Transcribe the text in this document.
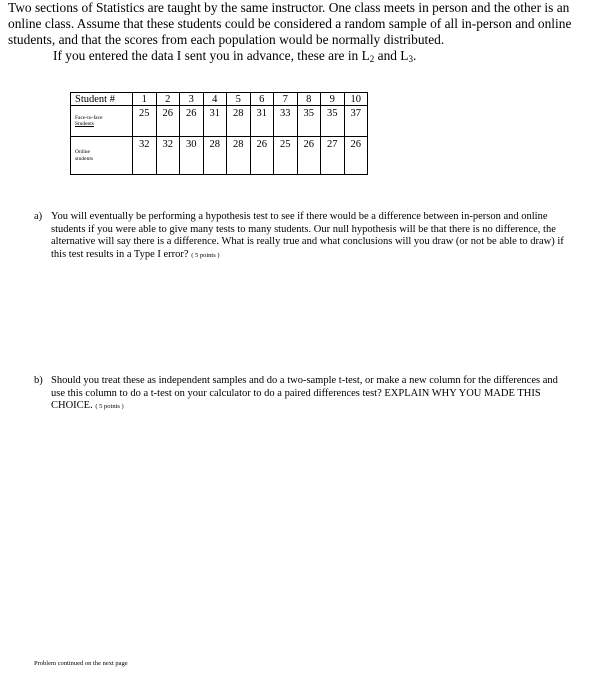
Two sections of Statistics are taught by the same instructor. One class meets in person and the other is an online class. Assume that these students could be considered a random sample of all in-person and online students, and that the scores from each population would be normally distributed.

If you entered the data I sent you in advance, these are in $L_2$ and $L_3$.

Student #	1	2	3	4	5	6	7	8	9	10

Face-to-face
Students	25	26	26	31	28	31	33	35	35	37

Online
students	32	32	30	28	28	26	25	26	27	26
a) You will eventually be performing a hypothesis test to see if there would be a difference between in-person and online students if you were able to give many tests to many students. Our null hypothesis will be that there is no difference, the alternative will say there is a difference. What is really true and what conclusions will you draw (or not be able to draw) if this test results in a Type I error? ( 5 points )
b) Should you treat these as independent samples and do a two-sample t-test, or make a new column for the differences and use this column to do a t-test on your calculator to do a paired differences test? EXPLAIN WHY YOU MADE THIS CHOICE. ( 5 points )
Problem continued on the next page
